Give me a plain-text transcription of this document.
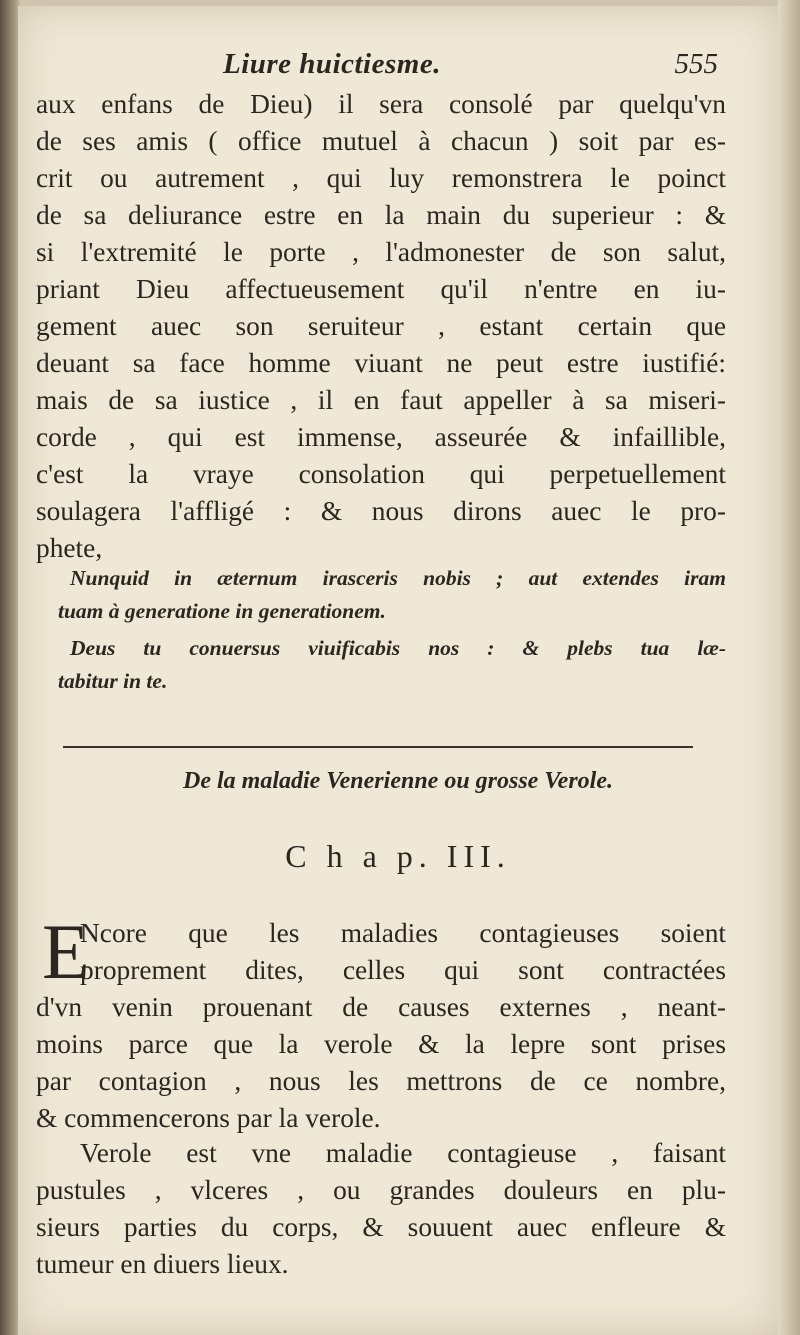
Liure huictiesme.	555
aux enfans de Dieu) il sera consolé par quelqu'vn
de ses amis ( office mutuel à chacun ) soit par es-
crit ou autrement , qui luy remonstrera le poinct
de sa deliurance estre en la main du superieur : &
si l'extremité le porte , l'admonester de son salut,
priant Dieu affectueusement qu'il n'entre en iu-
gement auec son seruiteur , estant certain que
deuant sa face homme viuant ne peut estre iustifié:
mais de sa iustice , il en faut appeller à sa miseri-
corde , qui est immense, asseurée & infaillible,
c'est la vraye consolation qui perpetuellement
soulagera l'affligé : & nous dirons auec le pro-
phete,
Nunquid in æternum irasceris nobis ; aut extendes iram
tuam à generatione in generationem.
Deus tu conuersus viuificabis nos : & plebs tua læ-
tabitur in te.
De la maladie Venerienne ou grosse Verole.
C h a p. III.
E
Ncore que les maladies contagieuses soient
proprement dites, celles qui sont contractées
d'vn venin prouenant de causes externes , neant-
moins parce que la verole & la lepre sont prises
par contagion , nous les mettrons de ce nombre,
& commencerons par la verole.
Verole est vne maladie contagieuse , faisant
pustules , vlceres , ou grandes douleurs en plu-
sieurs parties du corps, & souuent auec enfleure &
tumeur en diuers lieux.
